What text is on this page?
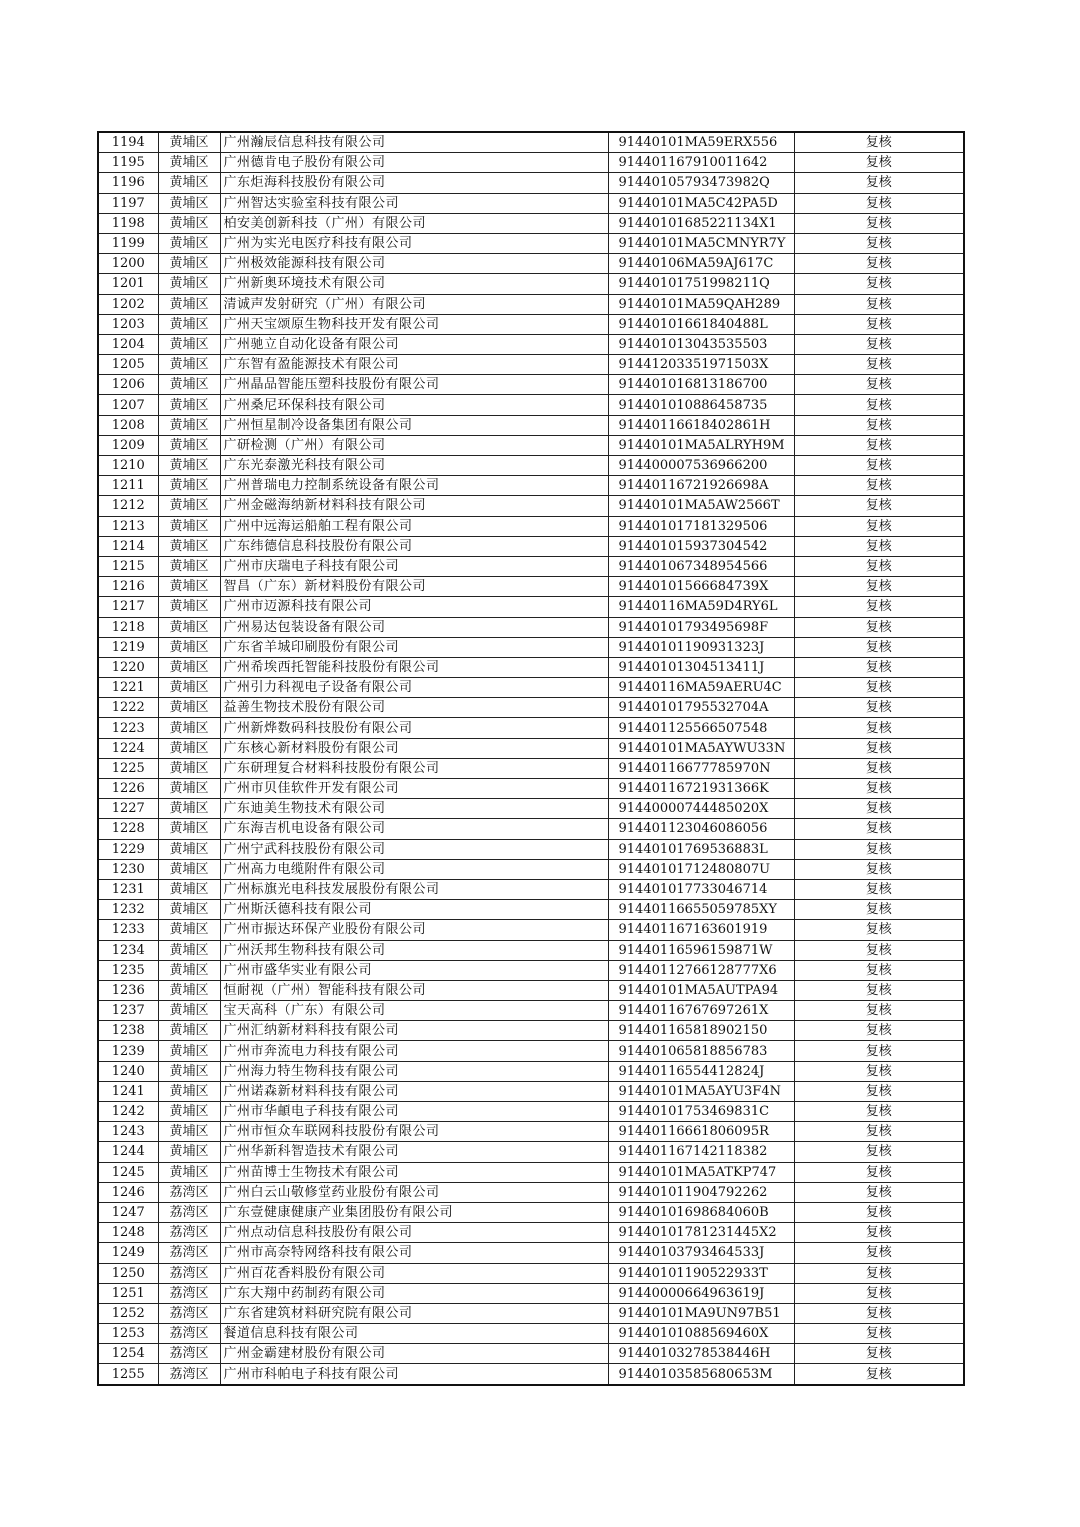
1194	黄埔区	广州瀚辰信息科技有限公司	91440101MA59ERX556	复核
1195	黄埔区	广州德肯电子股份有限公司	914401167910011642	复核
1196	黄埔区	广东炬海科技股份有限公司	91440105793473982Q	复核
1197	黄埔区	广州智达实验室科技有限公司	91440101MA5C42PA5D	复核
1198	黄埔区	柏安美创新科技（广州）有限公司	91440101685221134X1	复核
1199	黄埔区	广州为实光电医疗科技有限公司	91440101MA5CMNYR7Y	复核
1200	黄埔区	广州极效能源科技有限公司	91440106MA59AJ617C	复核
1201	黄埔区	广州新奥环境技术有限公司	91440101751998211Q	复核
1202	黄埔区	清诚声发射研究（广州）有限公司	91440101MA59QAH289	复核
1203	黄埔区	广州天宝颂原生物科技开发有限公司	91440101661840488L	复核
1204	黄埔区	广州驰立自动化设备有限公司	914401013043535503	复核
1205	黄埔区	广东智有盈能源技术有限公司	91441203351971503X	复核
1206	黄埔区	广州晶品智能压塑科技股份有限公司	914401016813186700	复核
1207	黄埔区	广州桑尼环保科技有限公司	914401010886458735	复核
1208	黄埔区	广州恒星制冷设备集团有限公司	91440116618402861H	复核
1209	黄埔区	广研检测（广州）有限公司	91440101MA5ALRYH9M	复核
1210	黄埔区	广东光泰激光科技有限公司	914400007536966200	复核
1211	黄埔区	广州普瑞电力控制系统设备有限公司	91440116721926698A	复核
1212	黄埔区	广州金磁海纳新材料科技有限公司	91440101MA5AW2566T	复核
1213	黄埔区	广州中远海运船舶工程有限公司	914401017181329506	复核
1214	黄埔区	广东纬德信息科技股份有限公司	914401015937304542	复核
1215	黄埔区	广州市庆瑞电子科技有限公司	914401067348954566	复核
1216	黄埔区	智昌（广东）新材料股份有限公司	91440101566684739X	复核
1217	黄埔区	广州市迈源科技有限公司	91440116MA59D4RY6L	复核
1218	黄埔区	广州易达包装设备有限公司	91440101793495698F	复核
1219	黄埔区	广东省羊城印刷股份有限公司	91440101190931323J	复核
1220	黄埔区	广州希埃西托智能科技股份有限公司	91440101304513411J	复核
1221	黄埔区	广州引力科视电子设备有限公司	91440116MA59AERU4C	复核
1222	黄埔区	益善生物技术股份有限公司	91440101795532704A	复核
1223	黄埔区	广州新烨数码科技股份有限公司	914401125566507548	复核
1224	黄埔区	广东核心新材料股份有限公司	91440101MA5AYWU33N	复核
1225	黄埔区	广东研理复合材料科技股份有限公司	91440116677785970N	复核
1226	黄埔区	广州市贝佳软件开发有限公司	91440116721931366K	复核
1227	黄埔区	广东迪美生物技术有限公司	91440000744485020X	复核
1228	黄埔区	广东海吉机电设备有限公司	914401123046086056	复核
1229	黄埔区	广州宁武科技股份有限公司	91440101769536883L	复核
1230	黄埔区	广州高力电缆附件有限公司	91440101712480807U	复核
1231	黄埔区	广州标旗光电科技发展股份有限公司	914401017733046714	复核
1232	黄埔区	广州斯沃德科技有限公司	91440116655059785XY	复核
1233	黄埔区	广州市振达环保产业股份有限公司	914401167163601919	复核
1234	黄埔区	广州沃邦生物科技有限公司	91440116596159871W	复核
1235	黄埔区	广州市盛华实业有限公司	91440112766128777X6	复核
1236	黄埔区	恒耐视（广州）智能科技有限公司	91440101MA5AUTPA94	复核
1237	黄埔区	宝天高科（广东）有限公司	91440116767697261X	复核
1238	黄埔区	广州汇纳新材料科技有限公司	914401165818902150	复核
1239	黄埔区	广州市奔流电力科技有限公司	914401065818856783	复核
1240	黄埔区	广州海力特生物科技有限公司	91440116554412824J	复核
1241	黄埔区	广州诺森新材料科技有限公司	91440101MA5AYU3F4N	复核
1242	黄埔区	广州市华頔电子科技有限公司	91440101753469831C	复核
1243	黄埔区	广州市恒众车联网科技股份有限公司	91440116661806095R	复核
1244	黄埔区	广州华新科智造技术有限公司	914401167142118382	复核
1245	黄埔区	广州苗博士生物技术有限公司	91440101MA5ATKP747	复核
1246	荔湾区	广州白云山敬修堂药业股份有限公司	914401011904792262	复核
1247	荔湾区	广东壹健康健康产业集团股份有限公司	91440101698684060B	复核
1248	荔湾区	广州点动信息科技股份有限公司	91440101781231445X2	复核
1249	荔湾区	广州市高奈特网络科技有限公司	91440103793464533J	复核
1250	荔湾区	广州百花香料股份有限公司	91440101190522933T	复核
1251	荔湾区	广东大翔中药制药有限公司	91440000664963619J	复核
1252	荔湾区	广东省建筑材料研究院有限公司	91440101MA9UN97B51	复核
1253	荔湾区	餐道信息科技有限公司	91440101088569460X	复核
1254	荔湾区	广州金霸建材股份有限公司	91440103278538446H	复核
1255	荔湾区	广州市科帕电子科技有限公司	91440103585680653M	复核
